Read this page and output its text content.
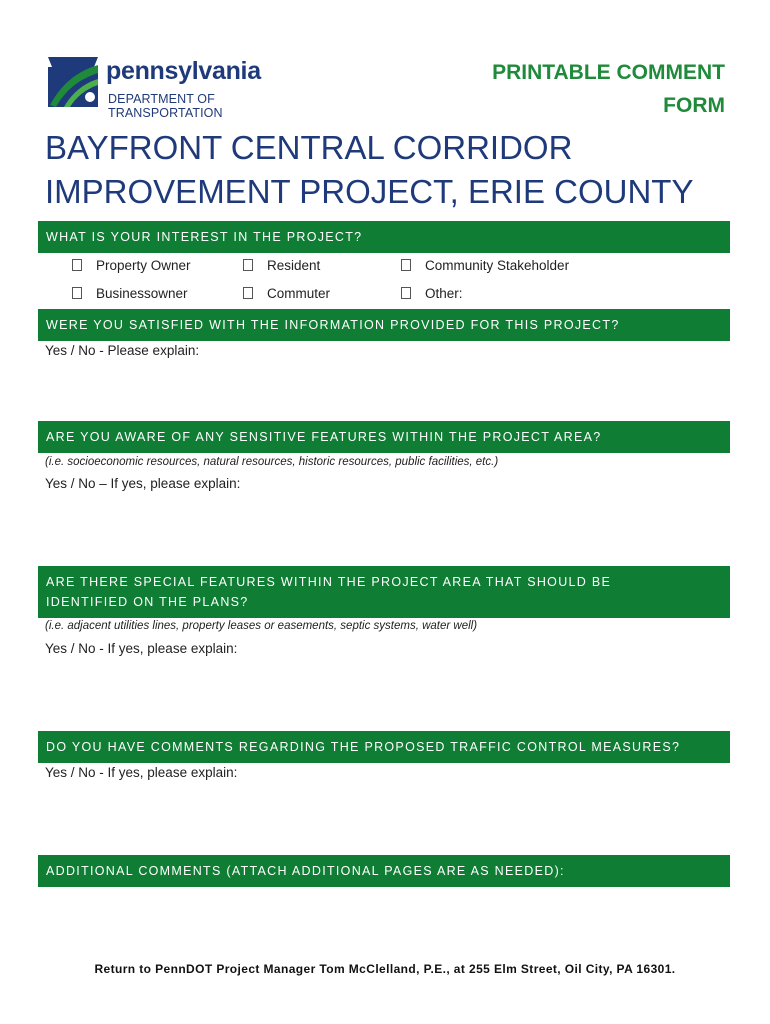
pennsylvania
DEPARTMENT OF TRANSPORTATION
PRINTABLE COMMENT
FORM
BAYFRONT CENTRAL CORRIDOR
IMPROVEMENT PROJECT, ERIE COUNTY
WHAT IS YOUR INTEREST IN THE PROJECT?
Property Owner	Resident	Community Stakeholder
Businessowner	Commuter	Other:
WERE YOU SATISFIED WITH THE INFORMATION PROVIDED FOR THIS PROJECT?
Yes / No - Please explain:
ARE YOU AWARE OF ANY SENSITIVE FEATURES WITHIN THE PROJECT AREA?
(i.e. socioeconomic resources, natural resources, historic resources, public facilities, etc.)
Yes / No – If yes, please explain:
ARE THERE SPECIAL FEATURES WITHIN THE PROJECT AREA THAT SHOULD BE
IDENTIFIED ON THE PLANS?
(i.e. adjacent utilities lines, property leases or easements, septic systems, water well)
Yes / No - If yes, please explain:
DO YOU HAVE COMMENTS REGARDING THE PROPOSED TRAFFIC CONTROL MEASURES?
Yes / No - If yes, please explain:
ADDITIONAL COMMENTS (ATTACH ADDITIONAL PAGES ARE AS NEEDED):
Return to PennDOT Project Manager Tom McClelland, P.E., at 255 Elm Street, Oil City, PA 16301.
